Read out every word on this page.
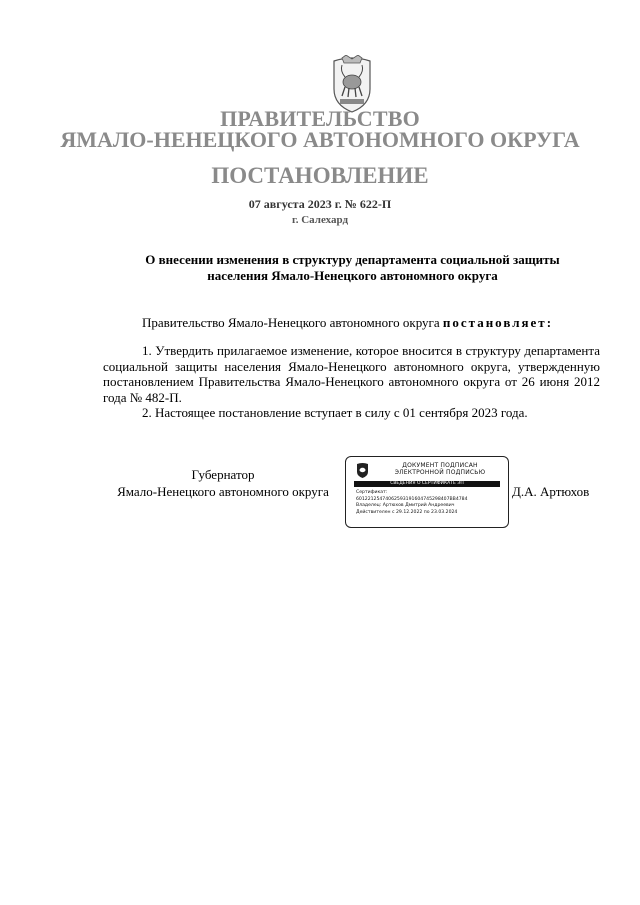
ПРАВИТЕЛЬСТВО
ЯМАЛО-НЕНЕЦКОГО АВТОНОМНОГО ОКРУГА
ПОСТАНОВЛЕНИЕ
07 августа 2023 г. № 622-П
г. Салехард
О внесении изменения в структуру департамента социальной защиты
населения Ямало-Ненецкого автономного округа
Правительство Ямало-Ненецкого автономного округа постановляет:

1. Утвердить прилагаемое изменение, которое вносится в структуру департамента социальной защиты населения Ямало-Ненецкого автономного округа, утвержденную постановлением Правительства Ямало-Ненецкого автономного округа от 26 июня 2012 года № 482-П.

2. Настоящее постановление вступает в силу с 01 сентября 2023 года.

Губернатор
Ямало-Ненецкого автономного округа
ДОКУМЕНТ ПОДПИСАН
ЭЛЕКТРОННОЙ ПОДПИСЬЮ
СВЕДЕНИЯ О СЕРТИФИКАТЕ ЭП
Сертификат:
60122125474062593191604745298407BB4784
Владелец: Артюхов Дмитрий Андреевич
Действителен с 29.12.2022 по 23.03.2024
Д.А. Артюхов
